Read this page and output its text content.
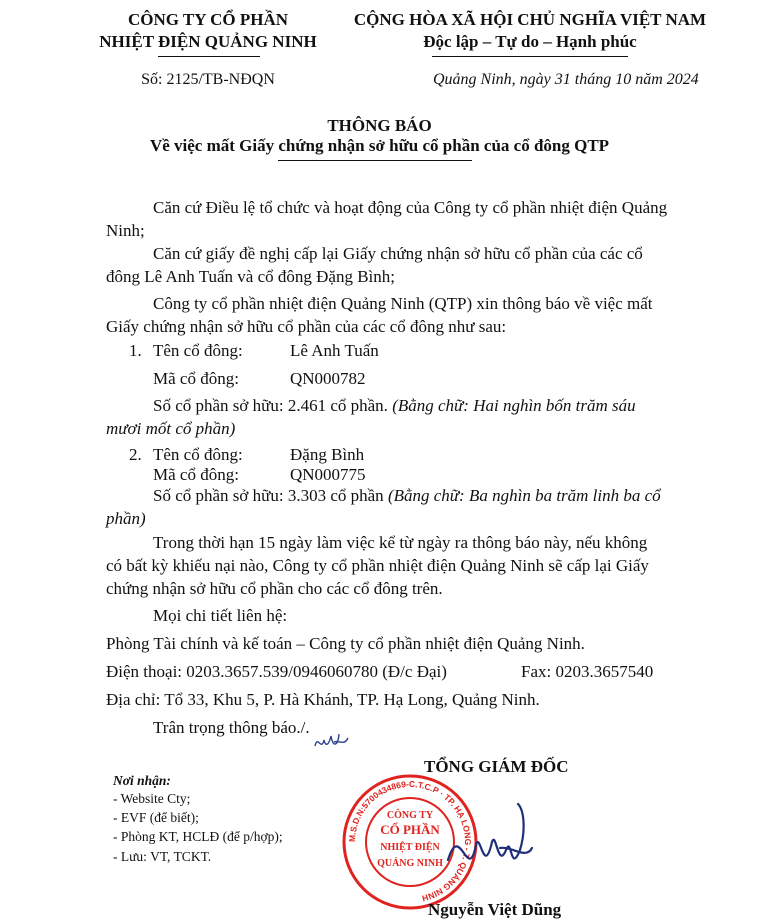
CÔNG TY CỔ PHẦN
NHIỆT ĐIỆN QUẢNG NINH
Số: 2125/TB-NĐQN
CỘNG HÒA XÃ HỘI CHỦ NGHĨA VIỆT NAM
Độc lập – Tự do – Hạnh phúc
Quảng Ninh, ngày 31 tháng 10 năm 2024
THÔNG BÁO
Về việc mất Giấy chứng nhận sở hữu cổ phần của cổ đông QTP
Căn cứ Điều lệ tổ chức và hoạt động của Công ty cổ phần nhiệt điện Quảng
Ninh;
Căn cứ giấy đề nghị cấp lại Giấy chứng nhận sở hữu cổ phần của các cổ
đông Lê Anh Tuấn và cổ đông Đặng Bình;
Công ty cổ phần nhiệt điện Quảng Ninh (QTP) xin thông báo về việc mất
Giấy chứng nhận sở hữu cổ phần của các cổ đông như sau:
1. Tên cổ đông:	Lê Anh Tuấn
Mã cổ đông:	QN000782
Số cổ phần sở hữu: 2.461 cổ phần. (Bằng chữ: Hai nghìn bốn trăm sáu
mươi mốt cổ phần)
2. Tên cổ đông:	Đặng Bình
Mã cổ đông:	QN000775
Số cổ phần sở hữu: 3.303 cổ phần (Bằng chữ: Ba nghìn ba trăm linh ba cổ
phần)
Trong thời hạn 15 ngày làm việc kể từ ngày ra thông báo này, nếu không
có bất kỳ khiếu nại nào, Công ty cổ phần nhiệt điện Quảng Ninh sẽ cấp lại Giấy
chứng nhận sở hữu cổ phần cho các cổ đông trên.
Mọi chi tiết liên hệ:
Phòng Tài chính và kế toán – Công ty cổ phần nhiệt điện Quảng Ninh.
Điện thoại: 0203.3657.539/0946060780 (Đ/c Đại)	Fax: 0203.3657540
Địa chỉ: Tổ 33, Khu 5, P. Hà Khánh, TP. Hạ Long, Quảng Ninh.
Trân trọng thông báo./.
Nơi nhận:
- Website Cty;
- EVF (để biết);
- Phòng KT, HCLĐ (để p/hợp);
- Lưu: VT, TCKT.
TỔNG GIÁM ĐỐC
M.S.D.N:5700434869-C.T.C.P · TP. HẠ LONG - T. QUẢNG NINH
CÔNG TY
CỔ PHẦN
NHIỆT ĐIỆN
QUẢNG NINH
Nguyễn Việt Dũng
